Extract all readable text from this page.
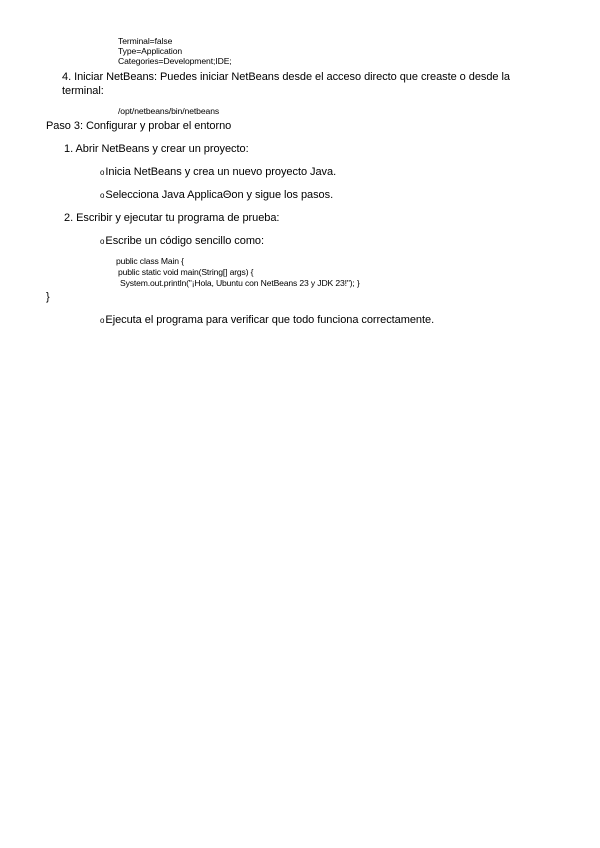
Terminal=false
Type=Application
Categories=Development;IDE;
4. Iniciar NetBeans: Puedes iniciar NetBeans desde el acceso directo que creaste o desde la
terminal:
/opt/netbeans/bin/netbeans
Paso 3: Configurar y probar el entorno
1. Abrir NetBeans y crear un proyecto:
oInicia NetBeans y crea un nuevo proyecto Java.
oSelecciona Java ApplicaΘon y sigue los pasos.
2. Escribir y ejecutar tu programa de prueba:
oEscribe un código sencillo como:
public class Main {
public static void main(String[] args) {
System.out.println("¡Hola, Ubuntu con NetBeans 23 y JDK 23!"); }
}
oEjecuta el programa para verificar que todo funciona correctamente.
